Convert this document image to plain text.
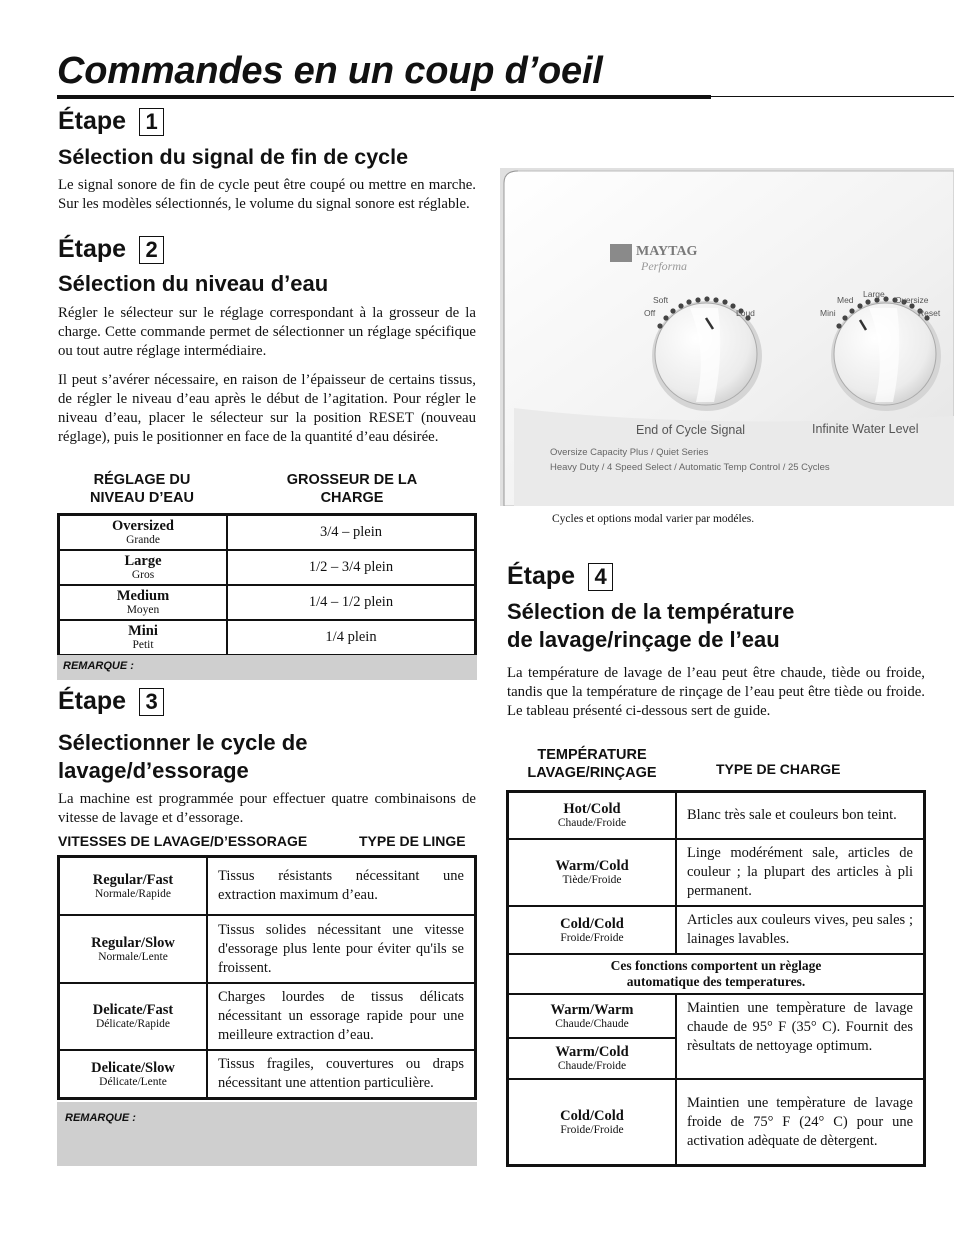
Commandes en un coup d’oeil
Étape 1
Sélection du signal de fin de cycle

Le signal sonore de fin de cycle peut être coupé ou mettre en marche. Sur les modèles sélectionnés, le volume du signal sonore est réglable.

Étape 2
Sélection du niveau d’eau

Régler le sélecteur sur le réglage correspondant à la grosseur de la charge. Cette commande permet de sélectionner un réglage spécifique ou tout autre réglage intermédiaire.

Il peut s’avérer nécessaire, en raison de l’épaisseur de certains tissus, de régler le niveau d’eau après le début de l’agitation. Pour régler le niveau d’eau, placer le sélecteur sur la position RESET (nouveau réglage), puis le positionner en face de la quantité d’eau désirée.

RÉGLAGE DU NIVEAU D’EAU
GROSSEUR DE LA CHARGE
Oversized
Grande	3/4 – plein

Large
Gros	1/2 – 3/4 plein

Medium
Moyen	1/4 – 1/2 plein

Mini
Petit	1/4 plein
REMARQUE :
Étape 3
Sélectionner le cycle de lavage/d’essorage

La machine est programmée pour effectuer quatre combinaisons de vitesse de lavage et d’essorage.

VITESSES DE LAVAGE/D’ESSORAGE	TYPE DE LINGE
Regular/Fast
Normale/Rapide	Tissus résistants nécessitant une extraction maximum d’eau.

Regular/Slow
Normale/Lente	Tissus solides nécessitant une vitesse d'essorage plus lente pour éviter qu'ils se froissent.

Delicate/Fast
Délicate/Rapide	Charges lourdes de tissus délicats nécessitant un essorage rapide pour une meilleure extraction d’eau.

Delicate/Slow
Délicate/Lente	Tissus fragiles, couvertures ou draps nécessitant une attention particulière.
REMARQUE :
MAYTAG
Performa
Soft
Off	Loud
Large
Med	Oversize
Mini	Reset
End of Cycle Signal	Infinite Water Level
Oversize Capacity Plus / Quiet Series
Heavy Duty / 4 Speed Select / Automatic Temp Control / 25 Cycles
Cycles et options modal varier par modéles.
Étape 4
Sélection de la température
de lavage/rinçage de l’eau

La température de lavage de l’eau peut être chaude, tiède ou froide, tandis que la température de rinçage de l’eau peut être tiède ou froide. Le tableau présenté ci-dessous sert de guide.

TEMPÉRATURE
LAVAGE/RINÇAGE	TYPE DE CHARGE
Hot/Cold
Chaude/Froide	Blanc très sale et couleurs bon teint.

Warm/Cold
Tiède/Froide	Linge modérément sale, articles de couleur ; la plupart des articles à pli permanent.

Cold/Cold
Froide/Froide	Articles aux couleurs vives, peu sales ; lainages lavables.

Ces fonctions comportent un règlage
automatique des temperatures.	

Warm/Warm
Chaude/Chaude	Maintien une tempèrature de lavage chaude de 95° F (35° C). Fournit des rèsultats de nettoyage optimum.

Warm/Cold
Chaude/Froide	

Cold/Cold
Froide/Froide	Maintien une tempèrature de lavage froide de 75° F (24° C) pour une activation adèquate de dètergent.
